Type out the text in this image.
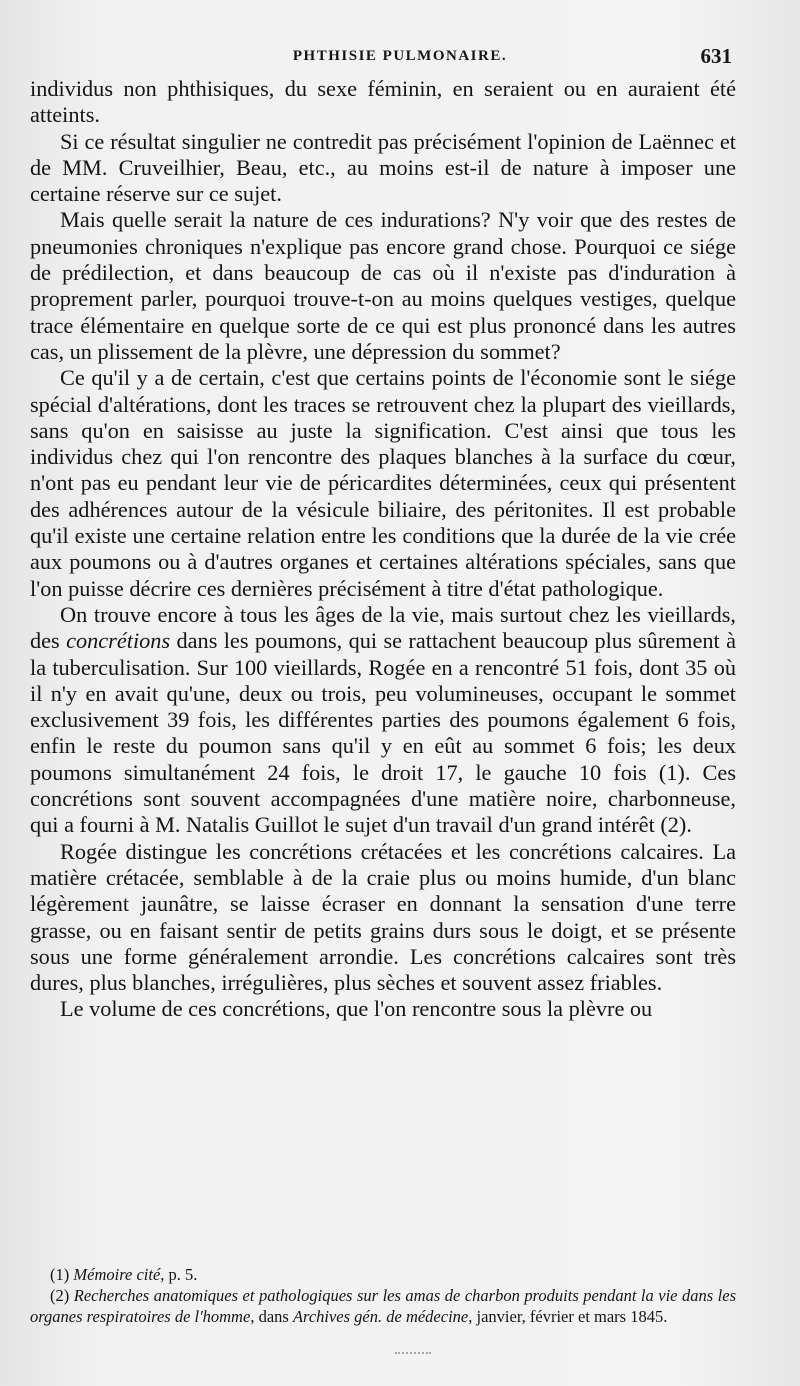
PHTHISIE PULMONAIRE.	631

individus non phthisiques, du sexe féminin, en seraient ou en auraient été atteints.

Si ce résultat singulier ne contredit pas précisément l'opinion de Laënnec et de MM. Cruveilhier, Beau, etc., au moins est-il de nature à imposer une certaine réserve sur ce sujet.

Mais quelle serait la nature de ces indurations? N'y voir que des restes de pneumonies chroniques n'explique pas encore grand chose. Pourquoi ce siége de prédilection, et dans beaucoup de cas où il n'existe pas d'induration à proprement parler, pourquoi trouve-t-on au moins quelques vestiges, quelque trace élémentaire en quelque sorte de ce qui est plus prononcé dans les autres cas, un plissement de la plèvre, une dépression du sommet?

Ce qu'il y a de certain, c'est que certains points de l'économie sont le siége spécial d'altérations, dont les traces se retrouvent chez la plupart des vieillards, sans qu'on en saisisse au juste la signification. C'est ainsi que tous les individus chez qui l'on rencontre des plaques blanches à la surface du cœur, n'ont pas eu pendant leur vie de péricardites déterminées, ceux qui présentent des adhérences autour de la vésicule biliaire, des péritonites. Il est probable qu'il existe une certaine relation entre les conditions que la durée de la vie crée aux poumons ou à d'autres organes et certaines altérations spéciales, sans que l'on puisse décrire ces dernières précisément à titre d'état pathologique.

On trouve encore à tous les âges de la vie, mais surtout chez les vieillards, des concrétions dans les poumons, qui se rattachent beaucoup plus sûrement à la tuberculisation. Sur 100 vieillards, Rogée en a rencontré 51 fois, dont 35 où il n'y en avait qu'une, deux ou trois, peu volumineuses, occupant le sommet exclusivement 39 fois, les différentes parties des poumons également 6 fois, enfin le reste du poumon sans qu'il y en eût au sommet 6 fois; les deux poumons simultanément 24 fois, le droit 17, le gauche 10 fois (1). Ces concrétions sont souvent accompagnées d'une matière noire, charbonneuse, qui a fourni à M. Natalis Guillot le sujet d'un travail d'un grand intérêt (2).

Rogée distingue les concrétions crétacées et les concrétions calcaires. La matière crétacée, semblable à de la craie plus ou moins humide, d'un blanc légèrement jaunâtre, se laisse écraser en donnant la sensation d'une terre grasse, ou en faisant sentir de petits grains durs sous le doigt, et se présente sous une forme généralement arrondie. Les concrétions calcaires sont très dures, plus blanches, irrégulières, plus sèches et souvent assez friables.

Le volume de ces concrétions, que l'on rencontre sous la plèvre ou

(1) Mémoire cité, p. 5.

(2) Recherches anatomiques et pathologiques sur les amas de charbon produits pendant la vie dans les organes respiratoires de l'homme, dans Archives gén. de médecine, janvier, février et mars 1845.
